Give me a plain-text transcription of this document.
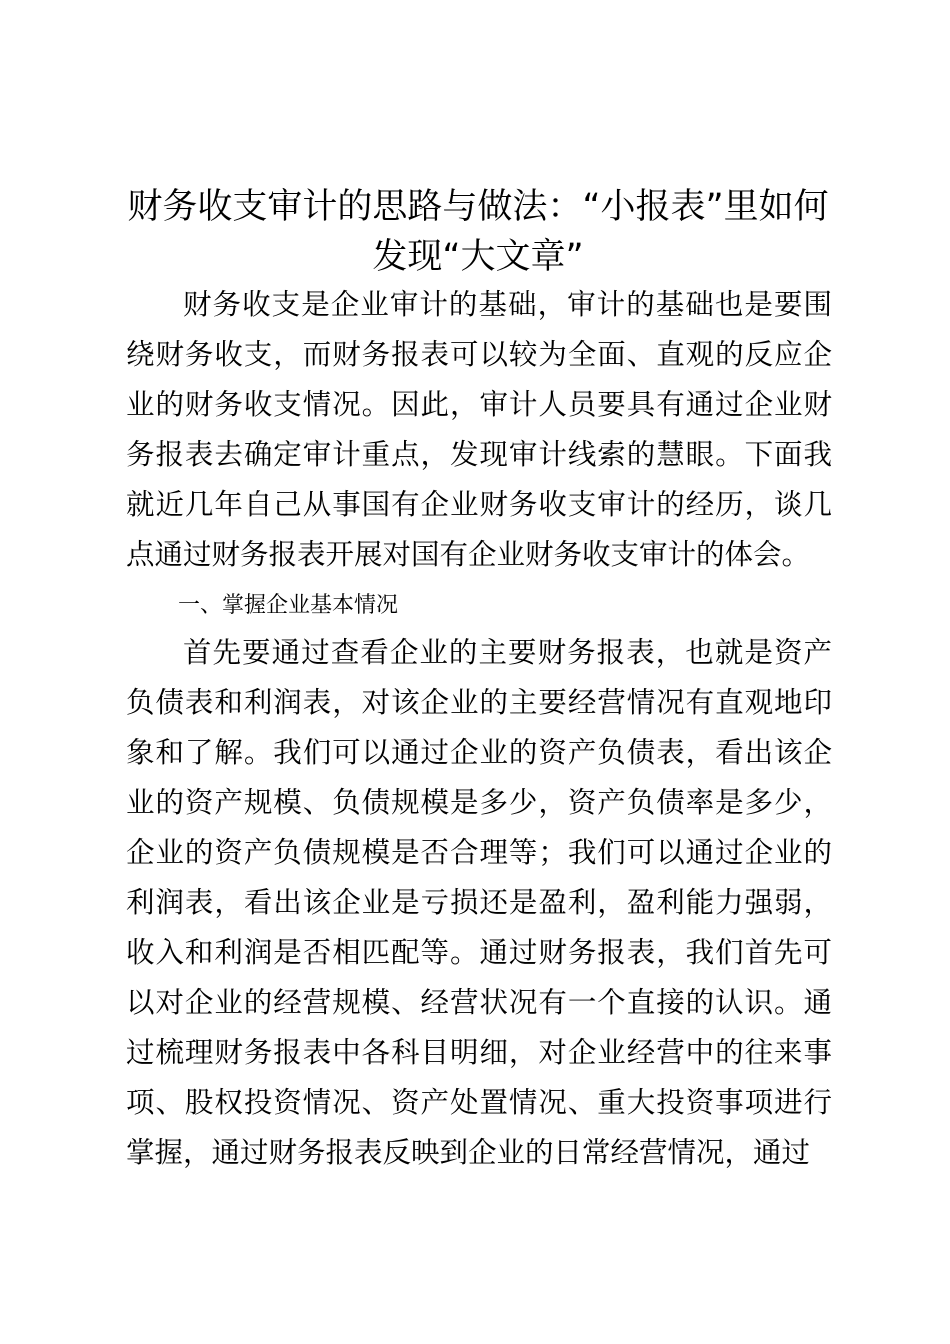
财务收支审计的思路与做法：“小报表”里如何发现“大文章”

财务收支是企业审计的基础，审计的基础也是要围绕财务收支，而财务报表可以较为全面、直观的反应企业的财务收支情况。因此，审计人员要具有通过企业财务报表去确定审计重点，发现审计线索的慧眼。下面我就近几年自己从事国有企业财务收支审计的经历，谈几点通过财务报表开展对国有企业财务收支审计的体会。

一、掌握企业基本情况

首先要通过查看企业的主要财务报表，也就是资产负债表和利润表，对该企业的主要经营情况有直观地印象和了解。我们可以通过企业的资产负债表，看出该企业的资产规模、负债规模是多少，资产负债率是多少，企业的资产负债规模是否合理等；我们可以通过企业的利润表，看出该企业是亏损还是盈利，盈利能力强弱，收入和利润是否相匹配等。通过财务报表，我们首先可以对企业的经营规模、经营状况有一个直接的认识。通过梳理财务报表中各科目明细，对企业经营中的往来事项、股权投资情况、资产处置情况、重大投资事项进行掌握，通过财务报表反映到企业的日常经营情况，通过
